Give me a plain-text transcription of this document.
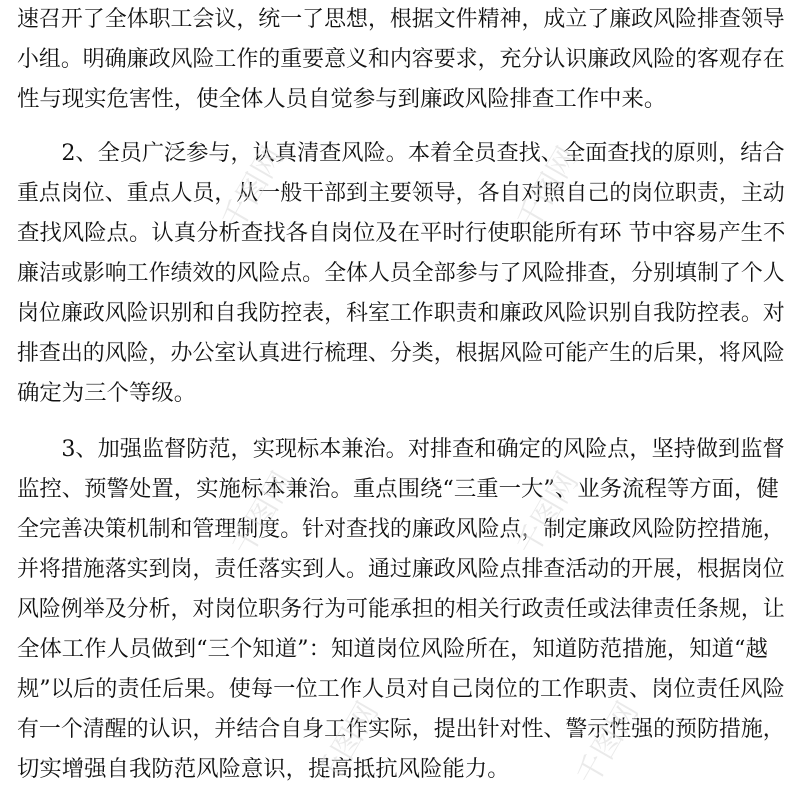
速召开了全体职工会议，统一了思想，根据文件精神，成立了廉政风险排查领导
小组。明确廉政风险工作的重要意义和内容要求，充分认识廉政风险的客观存在
性与现实危害性，使全体人员自觉参与到廉政风险排查工作中来。
　　2、全员广泛参与，认真清查风险。本着全员查找、全面查找的原则，结合
重点岗位、重点人员，从一般干部到主要领导，各自对照自己的岗位职责，主动
查找风险点。认真分析查找各自岗位及在平时行使职能所有环 节中容易产生不
廉洁或影响工作绩效的风险点。全体人员全部参与了风险排查，分别填制了个人
岗位廉政风险识别和自我防控表，科室工作职责和廉政风险识别自我防控表。对
排查出的风险，办公室认真进行梳理、分类，根据风险可能产生的后果，将风险
确定为三个等级。
　　3、加强监督防范，实现标本兼治。对排查和确定的风险点，坚持做到监督
监控、预警处置，实施标本兼治。重点围绕“三重一大”、业务流程等方面，健
全完善决策机制和管理制度。针对查找的廉政风险点，制定廉政风险防控措施，
并将措施落实到岗，责任落实到人。通过廉政风险点排查活动的开展，根据岗位
风险例举及分析，对岗位职务行为可能承担的相关行政责任或法律责任条规，让
全体工作人员做到“三个知道”：知道岗位风险所在，知道防范措施，知道“越
规”以后的责任后果。使每一位工作人员对自己岗位的工作职责、岗位责任风险
有一个清醒的认识，并结合自身工作实际，提出针对性、警示性强的预防措施，
切实增强自我防范风险意识，提高抵抗风险能力。
千图网	千图网
千图网	千图网
千图网	千图网
